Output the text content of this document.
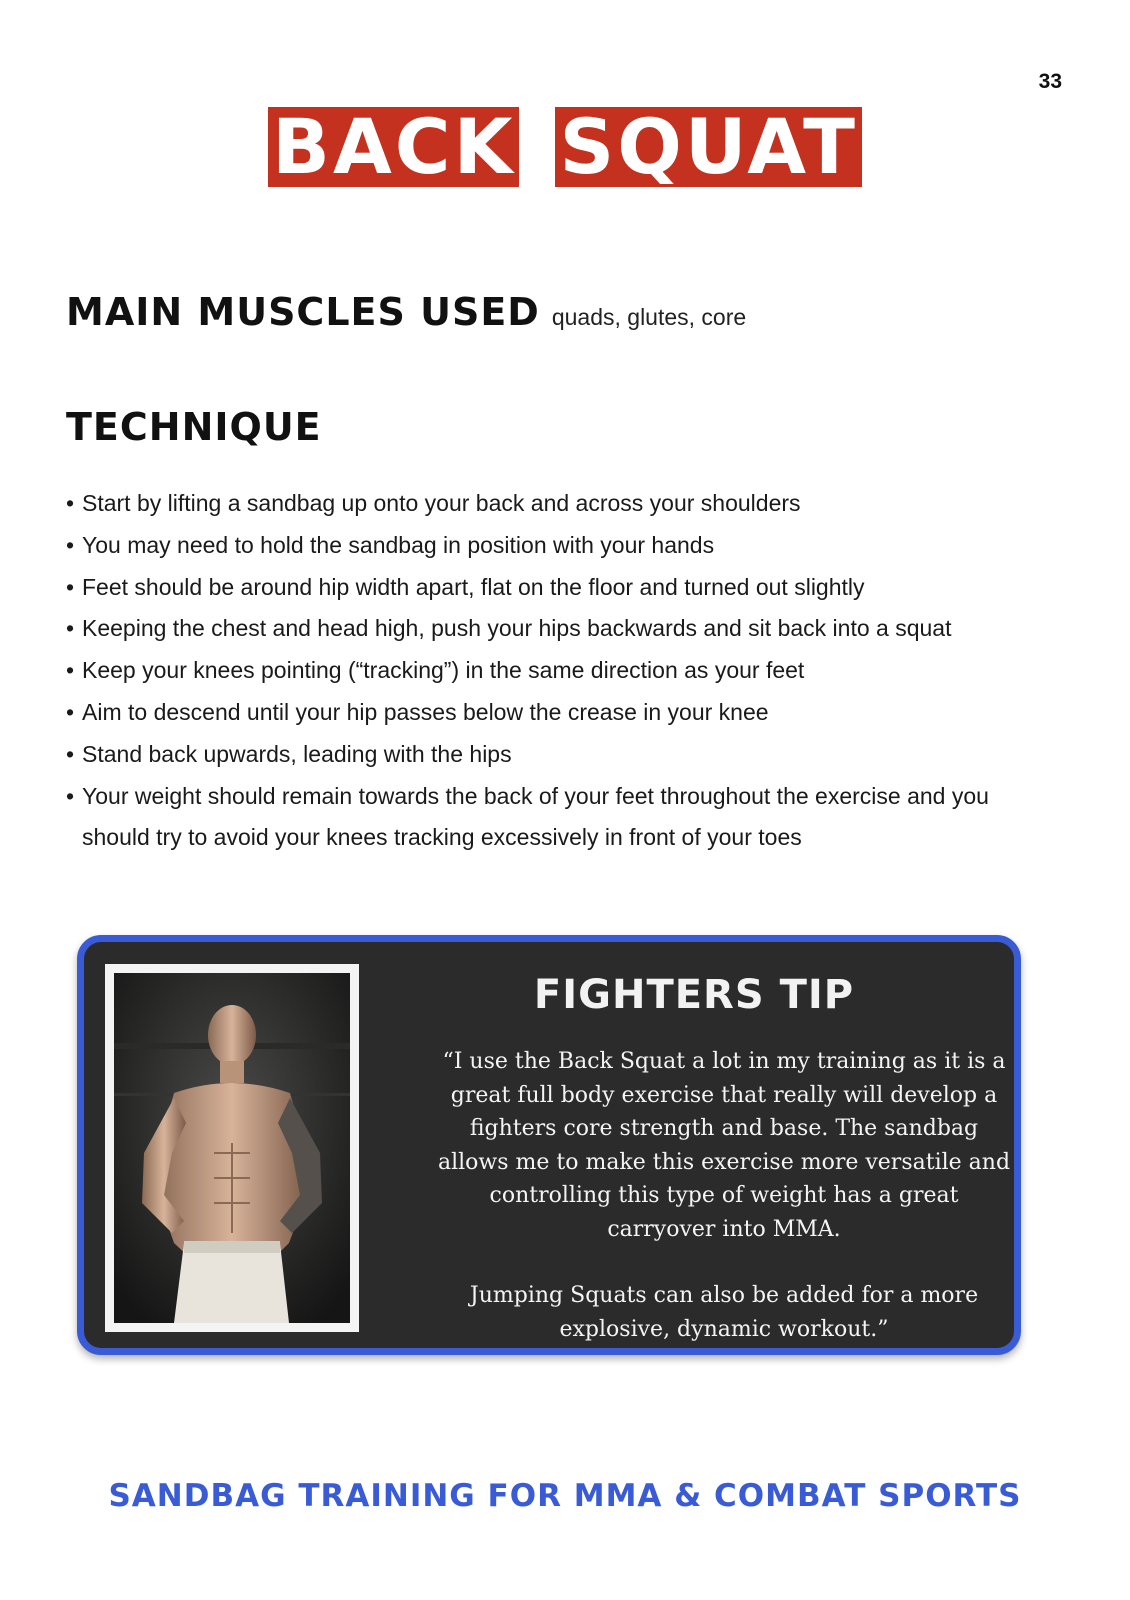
33
BACK SQUAT
MAIN MUSCLES USED quads, glutes, core
TECHNIQUE
• Start by lifting a sandbag up onto your back and across your shoulders
• You may need to hold the sandbag in position with your hands
• Feet should be around hip width apart, flat on the floor and turned out slightly
• Keeping the chest and head high, push your hips backwards and sit back into a squat
• Keep your knees pointing (“tracking”) in the same direction as your feet
• Aim to descend until your hip passes below the crease in your knee
• Stand back upwards, leading with the hips
• Your weight should remain towards the back of your feet throughout the exercise and you should try to avoid your knees tracking excessively in front of your toes
FIGHTERS TIP

“I use the Back Squat a lot in my training as it is a great full body exercise that really will develop a fighters core strength and base. The sandbag allows me to make this exercise more versatile and controlling this type of weight has a great carryover into MMA.

Jumping Squats can also be added for a more explosive, dynamic workout.”

SANDBAG TRAINING FOR MMA & COMBAT SPORTS
